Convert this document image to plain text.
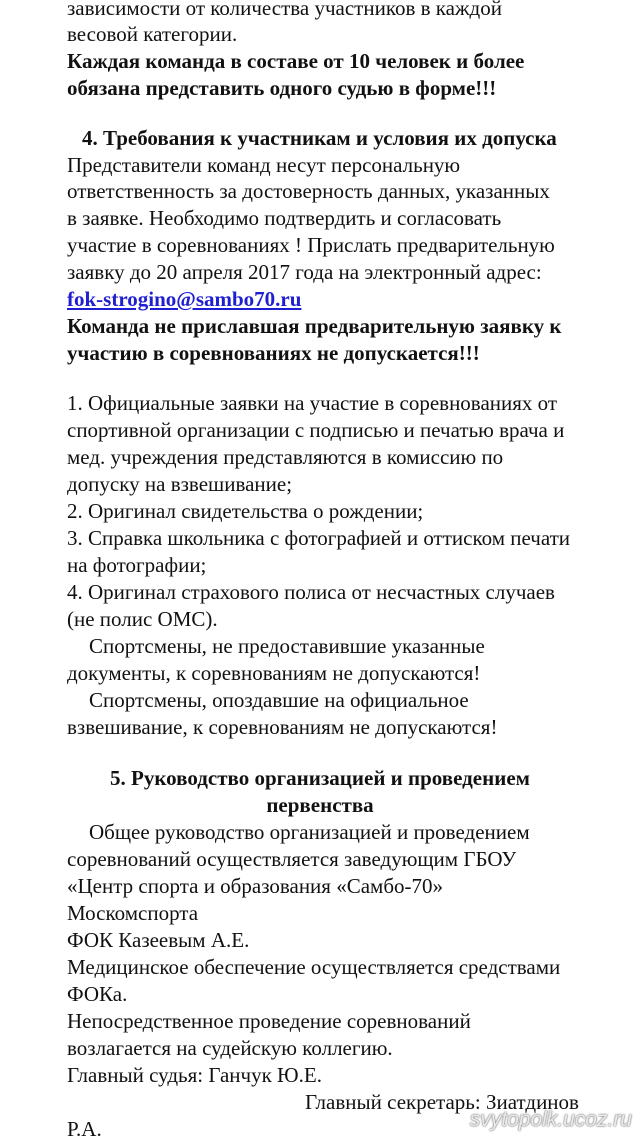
зависимости от количества участников в каждой
весовой категории.
Каждая команда в составе от 10 человек и более
обязана представить одного судью в форме!!!
4. Требования к участникам и условия их допуска
Представители команд несут персональную
ответственность за достоверность данных, указанных
в заявке. Необходимо подтвердить и согласовать
участие в соревнованиях ! Прислать предварительную
заявку до 20 апреля 2017 года на электронный адрес:
fok-strogino@sambo70.ru
Команда не приславшая предварительную заявку к
участию в соревнованиях не допускается!!!
1. Официальные заявки на участие в соревнованиях от
спортивной организации с подписью и печатью врача и
мед. учреждения представляются в комиссию по
допуску на взвешивание;
2. Оригинал свидетельства о рождении;
3. Справка школьника с фотографией и оттиском печати
на фотографии;
4. Оригинал страхового полиса от несчастных случаев
(не полис ОМС).
Спортсмены, не предоставившие указанные
документы, к соревнованиям не допускаются!
Спортсмены, опоздавшие на официальное
взвешивание, к соревнованиям не допускаются!
5. Руководство организацией и проведением
первенства
Общее руководство организацией и проведением
соревнований осуществляется заведующим ГБОУ
«Центр спорта и образования «Самбо-70»
Москомспорта
ФОК Казеевым А.Е.
Медицинское обеспечение осуществляется средствами
ФОКа.
Непосредственное проведение соревнований
возлагается на судейскую коллегию.
Главный судья: Ганчук Ю.Е.
Главный секретарь: Зиатдинов
Р.А.	svytopolk.ucoz.ru
